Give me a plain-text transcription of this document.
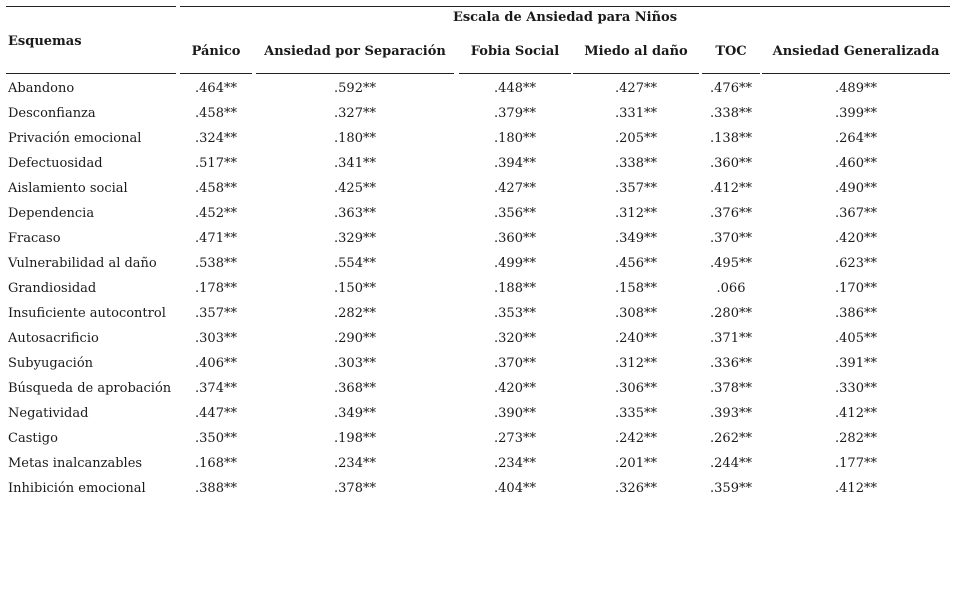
Esquemas
Escala de Ansiedad para Niños
Pánico	Ansiedad por Separación	Fobia Social	Miedo al daño	TOC	Ansiedad Generalizada
Abandono	.464**	.592**	.448**	.427**	.476**	.489**
Desconfianza	.458**	.327**	.379**	.331**	.338**	.399**
Privación emocional	.324**	.180**	.180**	.205**	.138**	.264**
Defectuosidad	.517**	.341**	.394**	.338**	.360**	.460**
Aislamiento social	.458**	.425**	.427**	.357**	.412**	.490**
Dependencia	.452**	.363**	.356**	.312**	.376**	.367**
Fracaso	.471**	.329**	.360**	.349**	.370**	.420**
Vulnerabilidad al daño	.538**	.554**	.499**	.456**	.495**	.623**
Grandiosidad	.178**	.150**	.188**	.158**	.066	.170**
Insuficiente autocontrol	.357**	.282**	.353**	.308**	.280**	.386**
Autosacrificio	.303**	.290**	.320**	.240**	.371**	.405**
Subyugación	.406**	.303**	.370**	.312**	.336**	.391**
Búsqueda de aprobación	.374**	.368**	.420**	.306**	.378**	.330**
Negatividad	.447**	.349**	.390**	.335**	.393**	.412**
Castigo	.350**	.198**	.273**	.242**	.262**	.282**
Metas inalcanzables	.168**	.234**	.234**	.201**	.244**	.177**
Inhibición emocional	.388**	.378**	.404**	.326**	.359**	.412**
